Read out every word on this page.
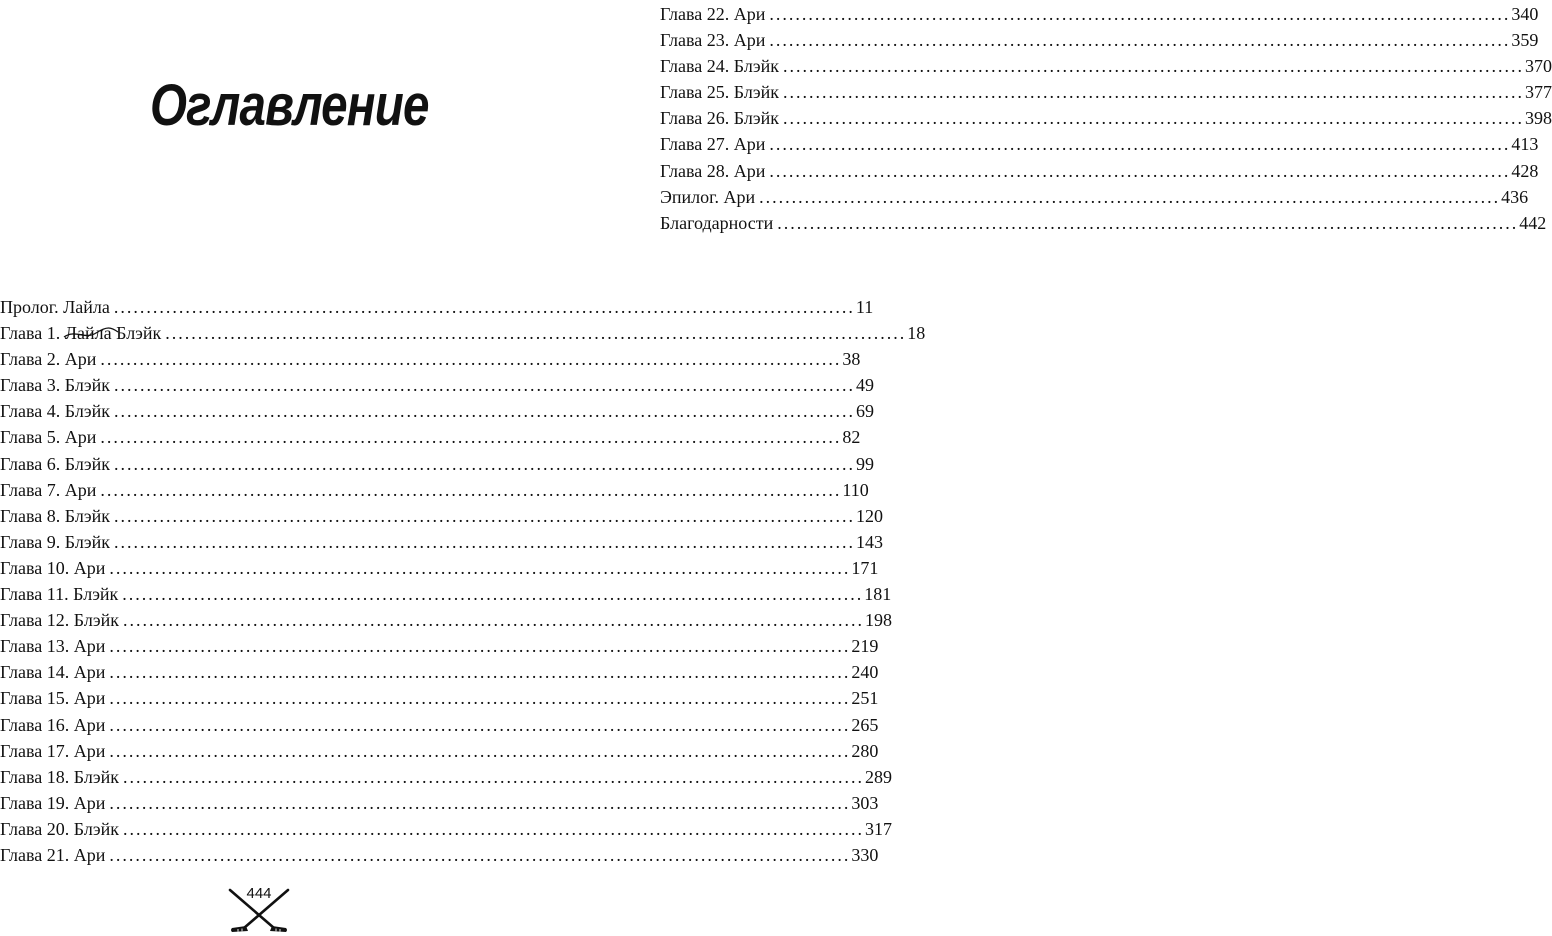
Оглавление
Глава 22. Ари .................................................................................................................. 340
Глава 23. Ари .................................................................................................................. 359
Глава 24. Блэйк .................................................................................................................. 370
Глава 25. Блэйк .................................................................................................................. 377
Глава 26. Блэйк .................................................................................................................. 398
Глава 27. Ари .................................................................................................................. 413
Глава 28. Ари .................................................................................................................. 428
Эпилог. Ари .................................................................................................................. 436
Благодарности .................................................................................................................. 442
Пролог. Лайла .................................................................................................................. 11
Глава 1. Лайла Блэйк .................................................................................................................. 18
Глава 2. Ари .................................................................................................................. 38
Глава 3. Блэйк .................................................................................................................. 49
Глава 4. Блэйк .................................................................................................................. 69
Глава 5. Ари .................................................................................................................. 82
Глава 6. Блэйк .................................................................................................................. 99
Глава 7. Ари .................................................................................................................. 110
Глава 8. Блэйк .................................................................................................................. 120
Глава 9. Блэйк .................................................................................................................. 143
Глава 10. Ари .................................................................................................................. 171
Глава 11. Блэйк .................................................................................................................. 181
Глава 12. Блэйк .................................................................................................................. 198
Глава 13. Ари .................................................................................................................. 219
Глава 14. Ари .................................................................................................................. 240
Глава 15. Ари .................................................................................................................. 251
Глава 16. Ари .................................................................................................................. 265
Глава 17. Ари .................................................................................................................. 280
Глава 18. Блэйк .................................................................................................................. 289
Глава 19. Ари .................................................................................................................. 303
Глава 20. Блэйк .................................................................................................................. 317
Глава 21. Ари .................................................................................................................. 330
444
